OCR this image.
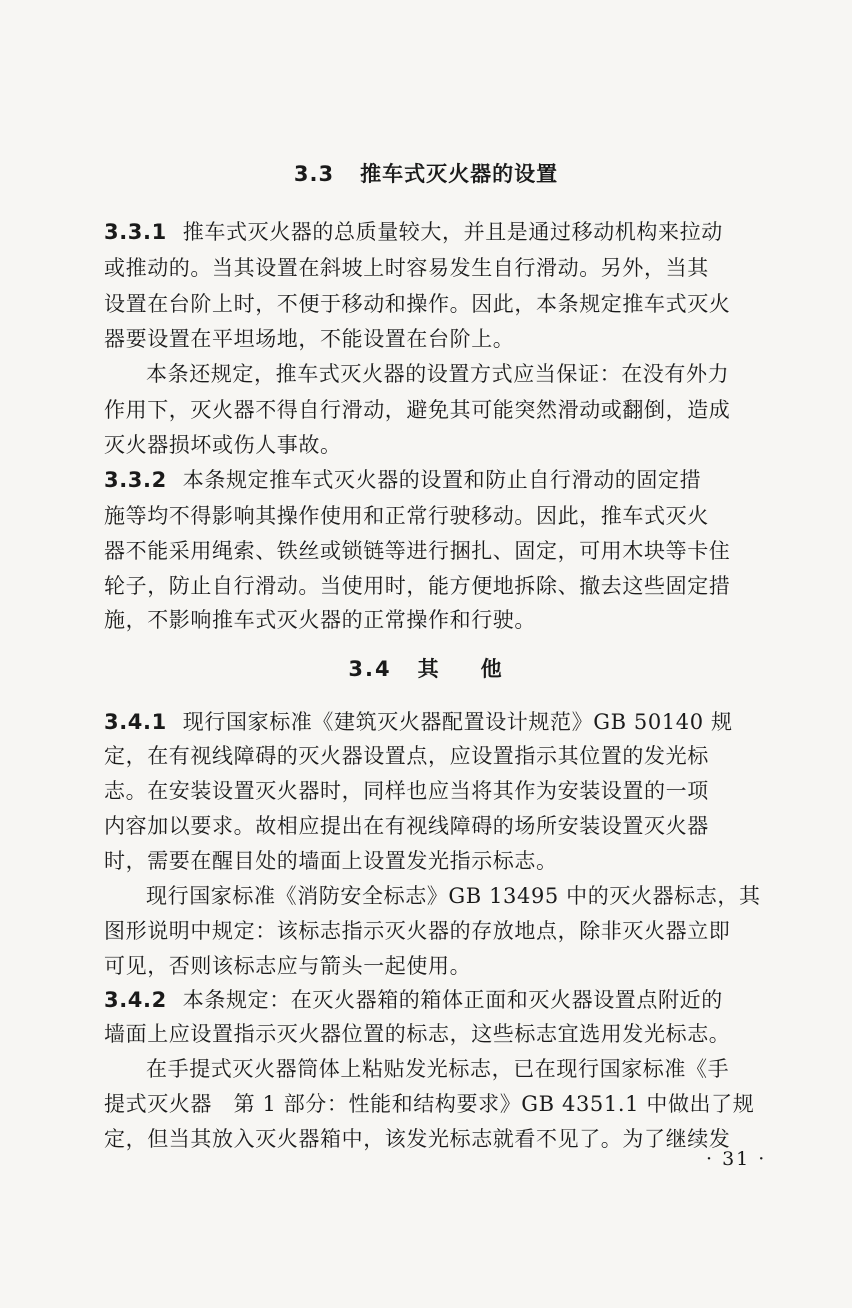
3.3 推车式灭火器的设置
3.3.1 推车式灭火器的总质量较大，并且是通过移动机构来拉动
或推动的。当其设置在斜坡上时容易发生自行滑动。另外，当其
设置在台阶上时，不便于移动和操作。因此，本条规定推车式灭火
器要设置在平坦场地，不能设置在台阶上。
本条还规定，推车式灭火器的设置方式应当保证：在没有外力
作用下，灭火器不得自行滑动，避免其可能突然滑动或翻倒，造成
灭火器损坏或伤人事故。
3.3.2 本条规定推车式灭火器的设置和防止自行滑动的固定措
施等均不得影响其操作使用和正常行驶移动。因此，推车式灭火
器不能采用绳索、铁丝或锁链等进行捆扎、固定，可用木块等卡住
轮子，防止自行滑动。当使用时，能方便地拆除、撤去这些固定措
施，不影响推车式灭火器的正常操作和行驶。
3.4 其 他
3.4.1 现行国家标准《建筑灭火器配置设计规范》GB 50140 规
定，在有视线障碍的灭火器设置点，应设置指示其位置的发光标
志。在安装设置灭火器时，同样也应当将其作为安装设置的一项
内容加以要求。故相应提出在有视线障碍的场所安装设置灭火器
时，需要在醒目处的墙面上设置发光指示标志。
现行国家标准《消防安全标志》GB 13495 中的灭火器标志，其
图形说明中规定：该标志指示灭火器的存放地点，除非灭火器立即
可见，否则该标志应与箭头一起使用。
3.4.2 本条规定：在灭火器箱的箱体正面和灭火器设置点附近的
墙面上应设置指示灭火器位置的标志，这些标志宜选用发光标志。
在手提式灭火器筒体上粘贴发光标志，已在现行国家标准《手
提式灭火器　第 1 部分：性能和结构要求》GB 4351.1 中做出了规
定，但当其放入灭火器箱中，该发光标志就看不见了。为了继续发
· 31 ·
